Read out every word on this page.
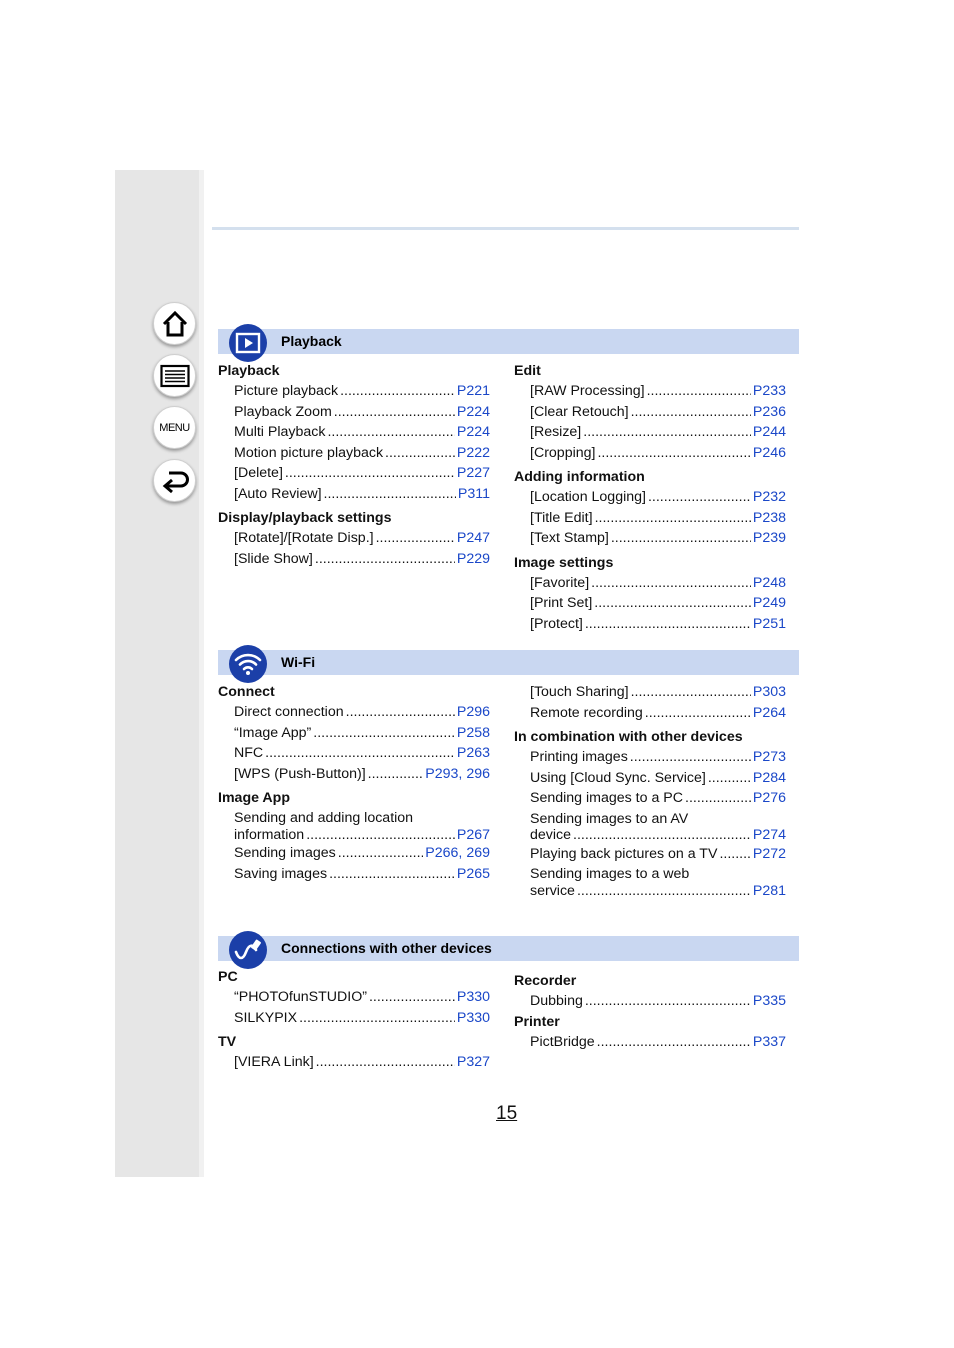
MENU
Playback
Playback
Picture playback .....	P221
Playback Zoom .....	P224
Multi Playback .....	P224
Motion picture playback .....	P222
[Delete] .....	P227
[Auto Review] .....	P311
Display/playback settings
[Rotate]/[Rotate Disp.] .....	P247
[Slide Show] .....	P229
Edit
[RAW Processing] .....	P233
[Clear Retouch] .....	P236
[Resize] .....	P244
[Cropping] .....	P246
Adding information
[Location Logging] .....	P232
[Title Edit] .....	P238
[Text Stamp] .....	P239
Image settings
[Favorite] .....	P248
[Print Set] .....	P249
[Protect] .....	P251
Wi-Fi
Connect
Direct connection .....	P296
“Image App” .....	P258
NFC .....	P263
[WPS (Push-Button)] .....	P293, 296
Image App
Sending and adding location
information .....	P267
Sending images .....	P266, 269
Saving images .....	P265
[Touch Sharing] .....	P303
Remote recording .....	P264
In combination with other devices
Printing images .....	P273
Using [Cloud Sync. Service] .....	P284
Sending images to a PC .....	P276
Sending images to an AV
device .....	P274
Playing back pictures on a TV ..... P272
Sending images to a web
service .....	P281
Connections with other devices
PC
“PHOTOfunSTUDIO” .....	P330
SILKYPIX .....	P330
TV
[VIERA Link] .....	P327
Recorder
Dubbing .....	P335
Printer
PictBridge .....	P337
15
